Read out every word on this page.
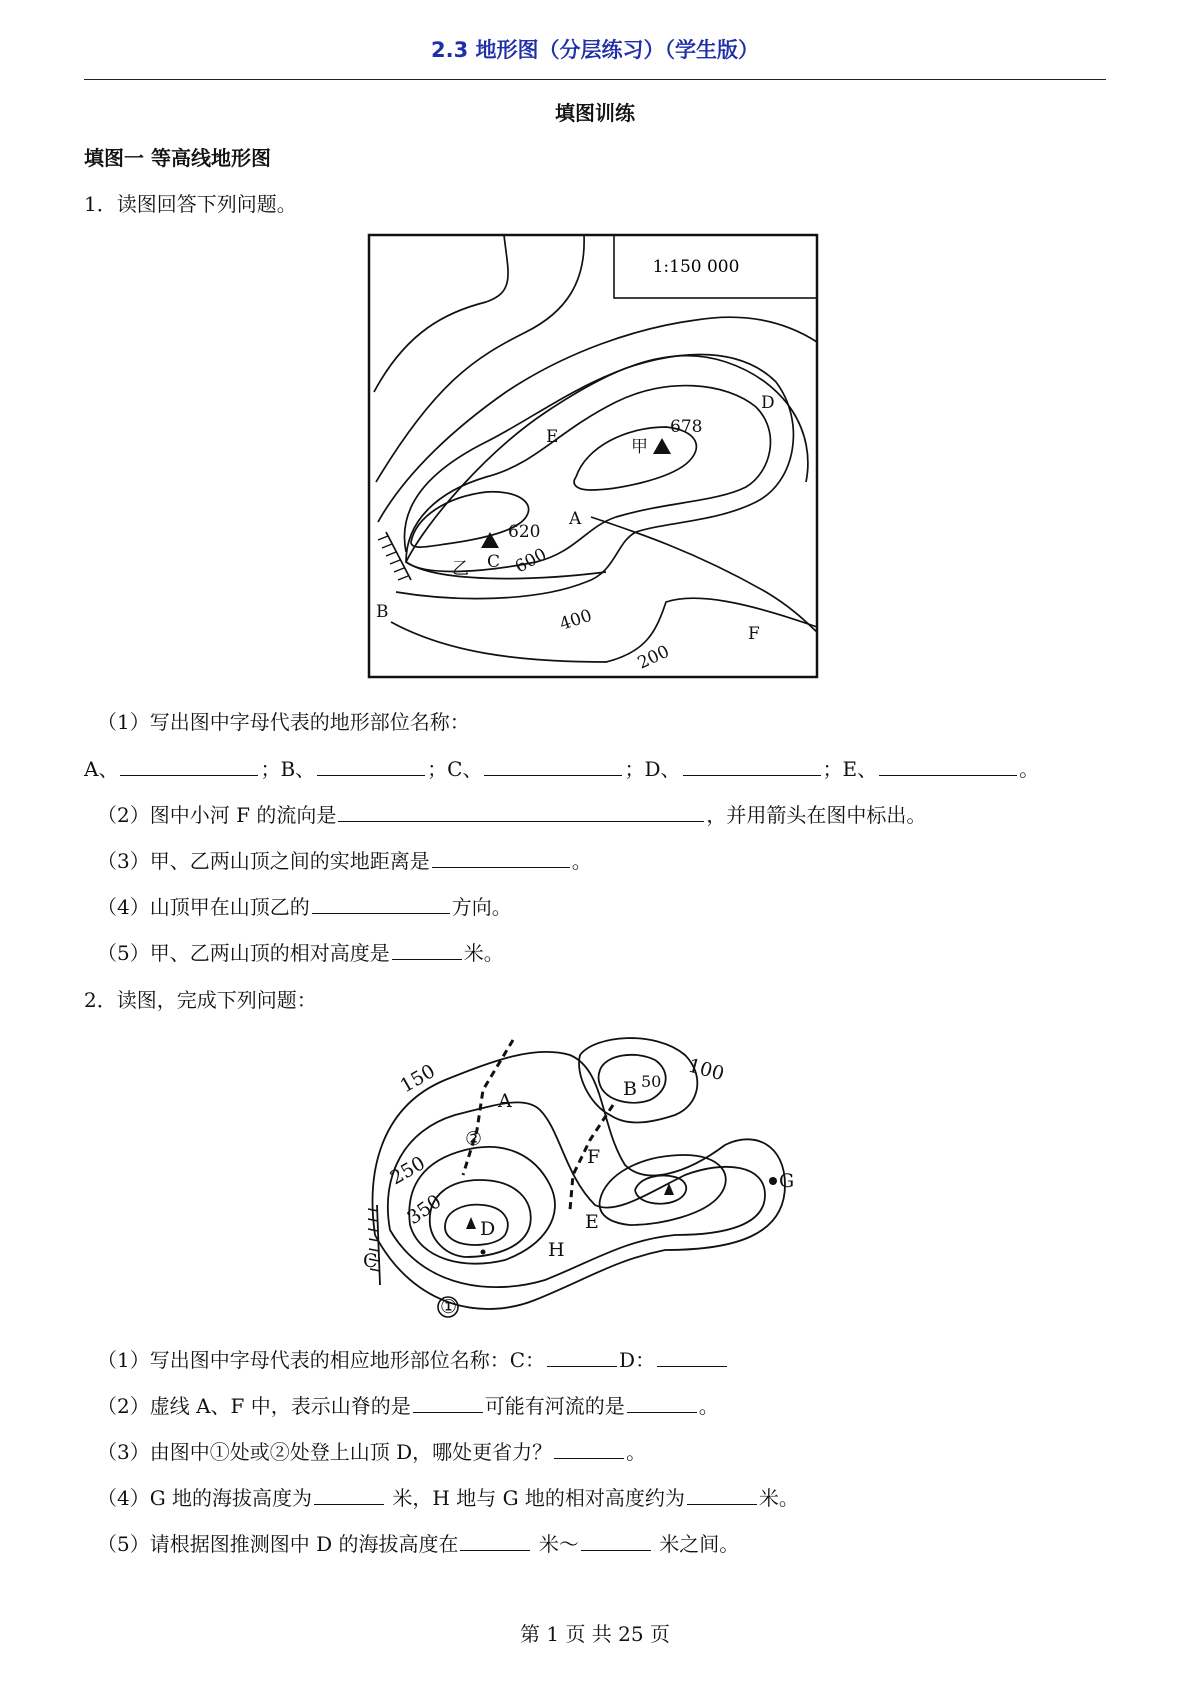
2.3 地形图（分层练习）（学生版）
填图训练
填图一 等高线地形图
1．读图回答下列问题。
1:150 000
D
E	甲
678
A
620
C
乙	600
B	400	F
200
（1）写出图中字母代表的地形部位名称：
A、	；B、	；C、	；D、	；E、	。
（2）图中小河 F 的流向是	，并用箭头在图中标出。
（3）甲、乙两山顶之间的实地距离是	。
（4）山顶甲在山顶乙的	方向。
（5）甲、乙两山顶的相对高度是	米。
2．读图，完成下列问题：
150
A
②
250
350 D
H
C
①
B 50 100
F
E
G
（1）写出图中字母代表的相应地形部位名称：C：	D：
（2）虚线 A、F 中，表示山脊的是	可能有河流的是	。
（3）由图中①处或②处登上山顶 D，哪处更省力？	。
（4）G 地的海拔高度为	米，H 地与 G 地的相对高度约为	米。
（5）请根据图推测图中 D 的海拔高度在	米～	米之间。
第 1 页 共 25 页
